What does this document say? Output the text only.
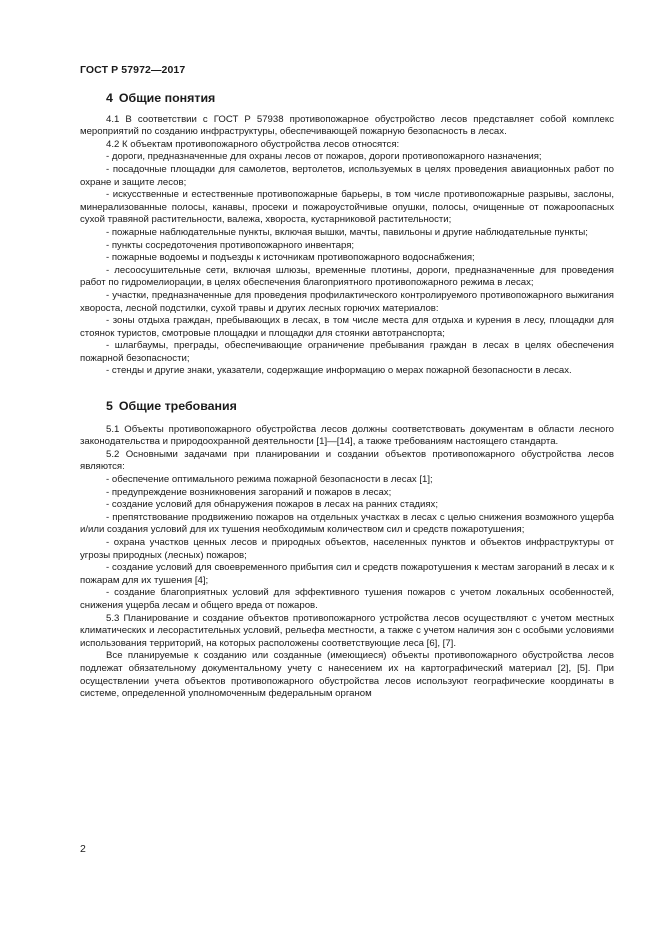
ГОСТ Р 57972—2017
4 Общие понятия

4.1 В соответствии с ГОСТ Р 57938 противопожарное обустройство лесов представляет собой комплекс мероприятий по созданию инфраструктуры, обеспечивающей пожарную безопасность в лесах.

4.2 К объектам противопожарного обустройства лесов относятся:

- дороги, предназначенные для охраны лесов от пожаров, дороги противопожарного назначения;

- посадочные площадки для самолетов, вертолетов, используемых в целях проведения авиационных работ по охране и защите лесов;

- искусственные и естественные противопожарные барьеры, в том числе противопожарные разрывы, заслоны, минерализованные полосы, канавы, просеки и пожароустойчивые опушки, полосы, очищенные от пожароопасных сухой травяной растительности, валежа, хвороста, кустарниковой растительности;

- пожарные наблюдательные пункты, включая вышки, мачты, павильоны и другие наблюдательные пункты;

- пункты сосредоточения противопожарного инвентаря;

- пожарные водоемы и подъезды к источникам противопожарного водоснабжения;

- лесоосушительные сети, включая шлюзы, временные плотины, дороги, предназначенные для проведения работ по гидромелиорации, в целях обеспечения благоприятного противопожарного режима в лесах;

- участки, предназначенные для проведения профилактического контролируемого противопожарного выжигания хвороста, лесной подстилки, сухой травы и других лесных горючих материалов:

- зоны отдыха граждан, пребывающих в лесах, в том числе места для отдыха и курения в лесу, площадки для стоянок туристов, смотровые площадки и площадки для стоянки автотранспорта;

- шлагбаумы, преграды, обеспечивающие ограничение пребывания граждан в лесах в целях обеспечения пожарной безопасности;

- стенды и другие знаки, указатели, содержащие информацию о мерах пожарной безопасности в лесах.

5 Общие требования

5.1 Объекты противопожарного обустройства лесов должны соответствовать документам в области лесного законодательства и природоохранной деятельности [1]—[14], а также требованиям настоящего стандарта.

5.2 Основными задачами при планировании и создании объектов противопожарного обустройства лесов являются:

- обеспечение оптимального режима пожарной безопасности в лесах [1];

- предупреждение возникновения загораний и пожаров в лесах;

- создание условий для обнаружения пожаров в лесах на ранних стадиях;

- препятствование продвижению пожаров на отдельных участках в лесах с целью снижения возможного ущерба и/или создания условий для их тушения необходимым количеством сил и средств пожаротушения;

- охрана участков ценных лесов и природных объектов, населенных пунктов и объектов инфраструктуры от угрозы природных (лесных) пожаров;

- создание условий для своевременного прибытия сил и средств пожаротушения к местам загораний в лесах и к пожарам для их тушения [4];

- создание благоприятных условий для эффективного тушения пожаров с учетом локальных особенностей, снижения ущерба лесам и общего вреда от пожаров.

5.3 Планирование и создание объектов противопожарного устройства лесов осуществляют с учетом местных климатических и лесорастительных условий, рельефа местности, а также с учетом наличия зон с особыми условиями использования территорий, на которых расположены соответствующие леса [6], [7].

Все планируемые к созданию или созданные (имеющиеся) объекты противопожарного обустройства лесов подлежат обязательному документальному учету с нанесением их на картографический материал [2], [5]. При осуществлении учета объектов противопожарного обустройства лесов используют географические координаты в системе, определенной уполномоченным федеральным органом

2
